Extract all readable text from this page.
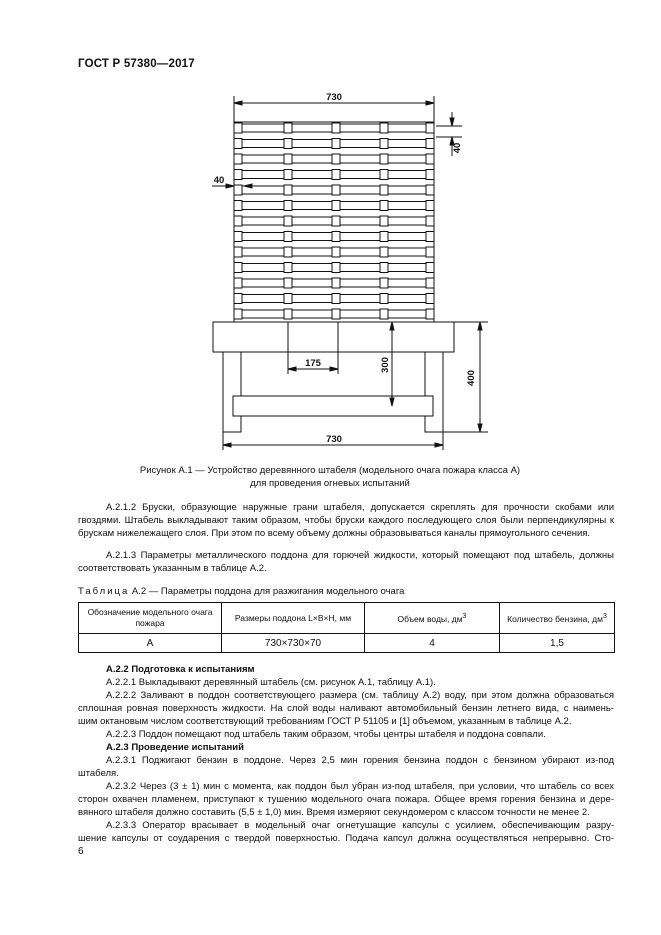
ГОСТ Р 57380—2017
730
40
40
175	300
400
730
Рисунок А.1 — Устройство деревянного штабеля (модельного очага пожара класса А)
для проведения огневых испытаний
А.2.1.2 Бруски, образующие наружные грани штабеля, допускается скреплять для прочности скобами или гвоздями. Штабель выкладывают таким образом, чтобы бруски каждого последующего слоя были перпендикулярны к брускам нижележащего слоя. При этом по всему объему должны образовываться каналы прямоугольного сечения.
А.2.1.3 Параметры металлического поддона для горючей жидкости, который помещают под штабель, должны соответствовать указанным в таблице А.2.
Таблица А.2 — Параметры поддона для разжигания модельного очага
Обозначение модельного очага пожара	Размеры поддона L×B×H, мм	Объем воды, $дм^3$	Количество бензина, $дм^3$
А	730×730×70	4	1,5
А.2.2 Подготовка к испытаниям
А.2.2.1 Выкладывают деревянный штабель (см. рисунок А.1, таблицу А.1).
А.2.2.2 Заливают в поддон соответствующего размера (см. таблицу А.2) воду, при этом должна образоваться
сплошная ровная поверхность жидкости. На слой воды наливают автомобильный бензин летнего вида, с наимень-
шим октановым числом соответствующий требованиям ГОСТ Р 51105 и [1] объемом, указанным в таблице А.2.
А.2.2.3 Поддон помещают под штабель таким образом, чтобы центры штабеля и поддона совпали.
А.2.3 Проведение испытаний
А.2.3.1 Поджигают бензин в поддоне. Через 2,5 мин горения бензина поддон с бензином убирают из-под
штабеля.
А.2.3.2 Через (3 ± 1) мин с момента, как поддон был убран из-под штабеля, при условии, что штабель со всех
сторон охвачен пламенем, приступают к тушению модельного очага пожара. Общее время горения бензина и дере-
вянного штабеля должно составить (5,5 ± 1,0) мин. Время измеряют секундомером с классом точности не менее 2.
А.2.3.3 Оператор врасывает в модельный очаг огнетушащие капсулы с усилием, обеспечивающим разру-
шение капсулы от соударения с твердой поверхностью. Подача капсул должна осуществляться непрерывно. Сто-
6
